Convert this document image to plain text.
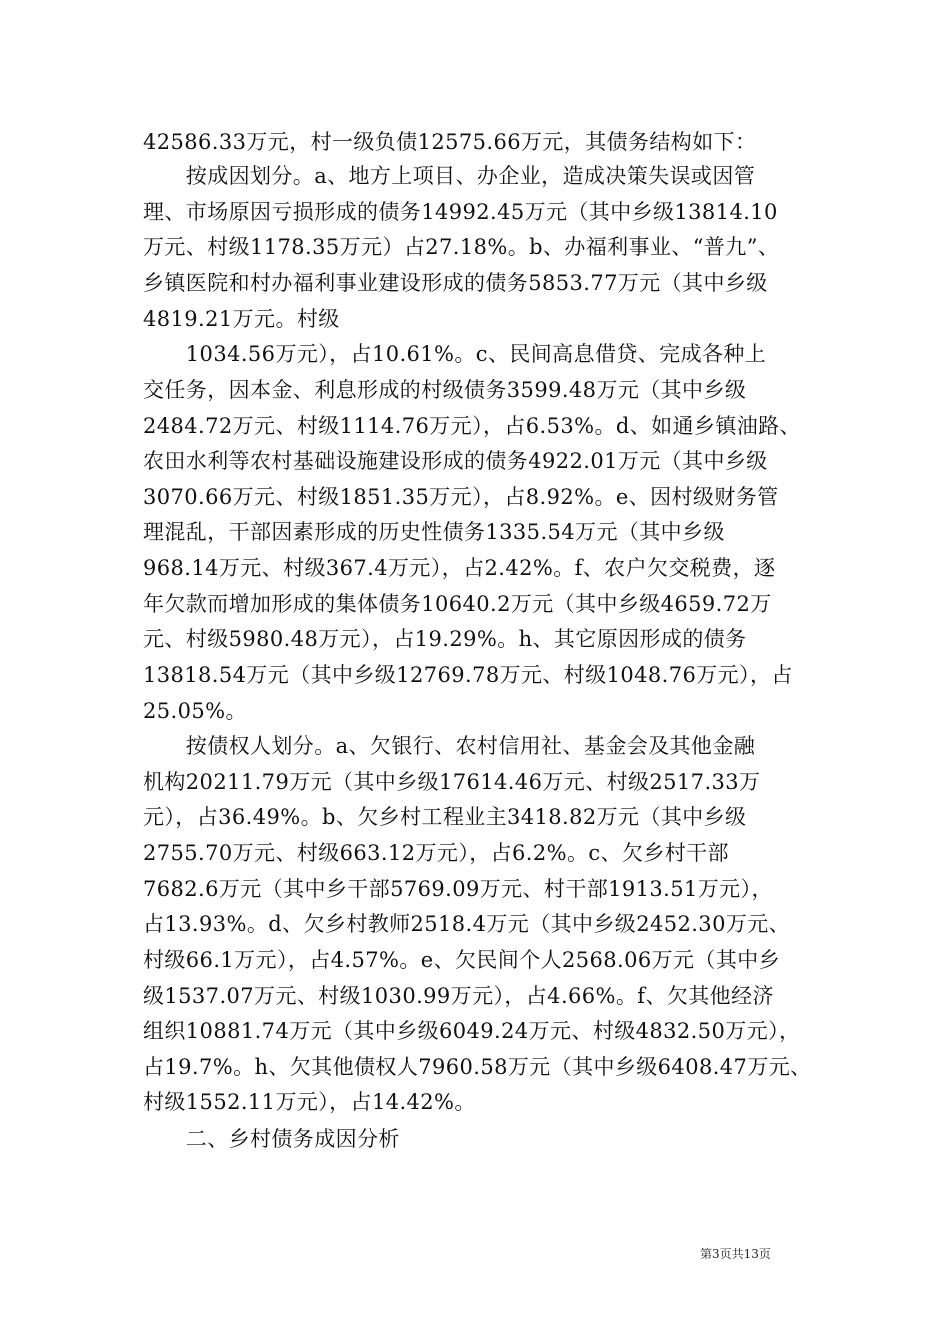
42586.33万元，村一级负债12575.66万元，其债务结构如下：
　　按成因划分。a、地方上项目、办企业，造成决策失误或因管
理、市场原因亏损形成的债务14992.45万元（其中乡级13814.10
万元、村级1178.35万元）占27.18%。b、办福利事业、“普九”、
乡镇医院和村办福利事业建设形成的债务5853.77万元（其中乡级
4819.21万元。村级
　　1034.56万元），占10.61%。c、民间高息借贷、完成各种上
交任务，因本金、利息形成的村级债务3599.48万元（其中乡级
2484.72万元、村级1114.76万元），占6.53%。d、如通乡镇油路、
农田水利等农村基础设施建设形成的债务4922.01万元（其中乡级
3070.66万元、村级1851.35万元），占8.92%。e、因村级财务管
理混乱，干部因素形成的历史性债务1335.54万元（其中乡级
968.14万元、村级367.4万元），占2.42%。f、农户欠交税费，逐
年欠款而增加形成的集体债务10640.2万元（其中乡级4659.72万
元、村级5980.48万元），占19.29%。h、其它原因形成的债务
13818.54万元（其中乡级12769.78万元、村级1048.76万元），占
25.05%。
　　按债权人划分。a、欠银行、农村信用社、基金会及其他金融
机构20211.79万元（其中乡级17614.46万元、村级2517.33万
元），占36.49%。b、欠乡村工程业主3418.82万元（其中乡级
2755.70万元、村级663.12万元），占6.2%。c、欠乡村干部
7682.6万元（其中乡干部5769.09万元、村干部1913.51万元），
占13.93%。d、欠乡村教师2518.4万元（其中乡级2452.30万元、
村级66.1万元），占4.57%。e、欠民间个人2568.06万元（其中乡
级1537.07万元、村级1030.99万元），占4.66%。f、欠其他经济
组织10881.74万元（其中乡级6049.24万元、村级4832.50万元），
占19.7%。h、欠其他债权人7960.58万元（其中乡级6408.47万元、
村级1552.11万元），占14.42%。
　　二、乡村债务成因分析
第3页共13页
